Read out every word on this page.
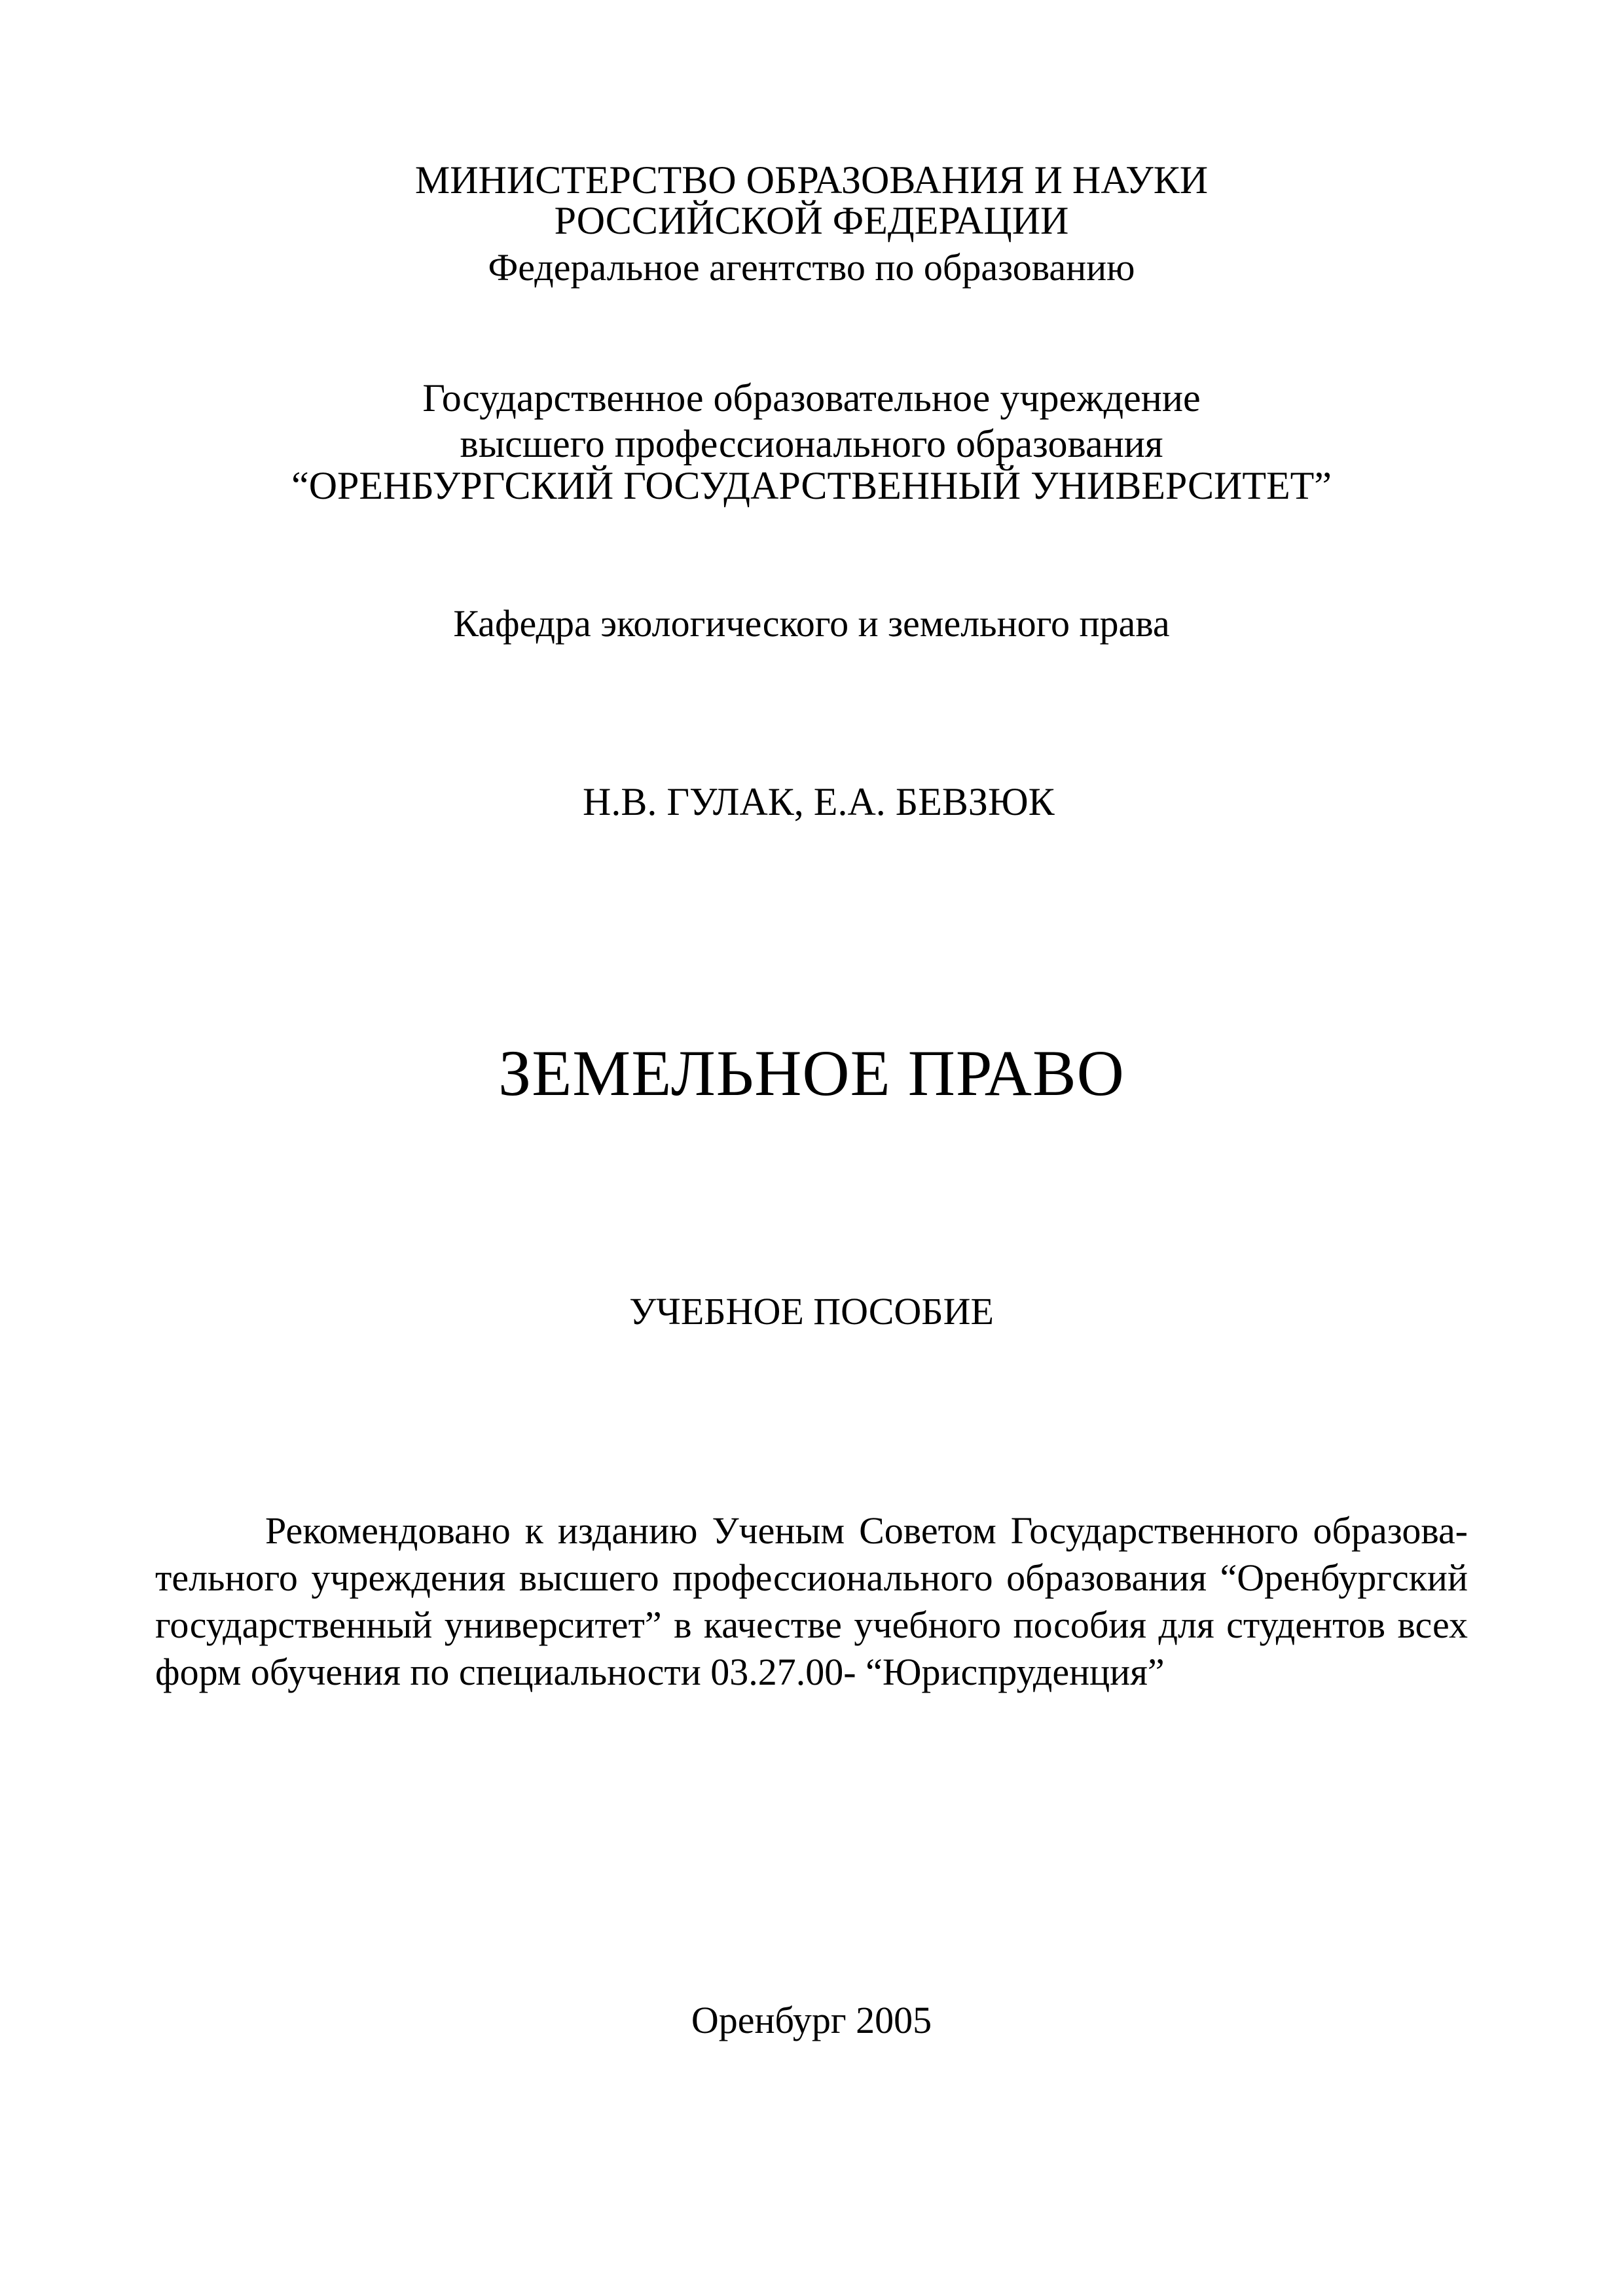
МИНИСТЕРСТВО ОБРАЗОВАНИЯ И НАУКИ
РОССИЙСКОЙ ФЕДЕРАЦИИ
Федеральное агентство по образованию
Государственное образовательное учреждение
высшего профессионального образования
“ОРЕНБУРГСКИЙ ГОСУДАРСТВЕННЫЙ УНИВЕРСИТЕТ”
Кафедра экологического и земельного права
Н.В. ГУЛАК, Е.А. БЕВЗЮК
ЗЕМЕЛЬНОЕ ПРАВО
УЧЕБНОЕ ПОСОБИЕ
Рекомендовано к изданию Ученым Советом Государственного образова-
тельного учреждения высшего профессионального образования “Оренбургский
государственный университет” в качестве учебного пособия для студентов всех
форм обучения по специальности 03.27.00- “Юриспруденция”
Оренбург 2005
